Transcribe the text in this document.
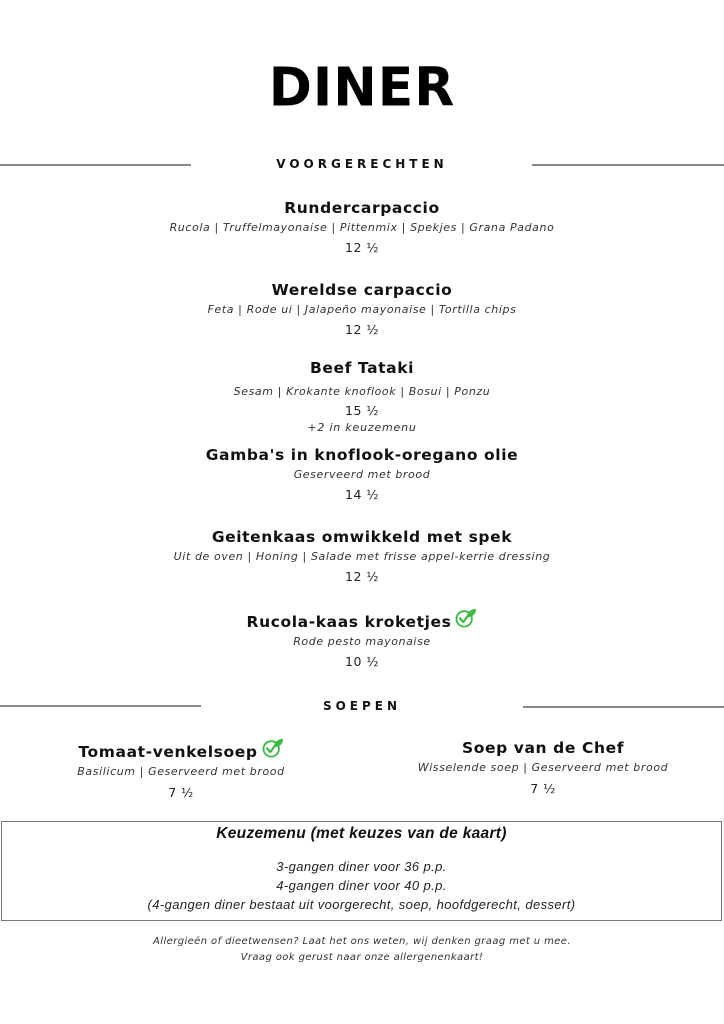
DINER
VOORGERECHTEN
Rundercarpaccio
Rucola | Truffelmayonaise | Pittenmix | Spekjes | Grana Padano
12 ½
Wereldse carpaccio
Feta | Rode ui | Jalapeño mayonaise | Tortilla chips
12 ½
Beef Tataki
Sesam | Krokante knoflook | Bosui | Ponzu
15 ½
+2 in keuzemenu
Gamba's in knoflook-oregano olie
Geserveerd met brood
14 ½
Geitenkaas omwikkeld met spek
Uit de oven | Honing | Salade met frisse appel-kerrie dressing
12 ½
Rucola-kaas kroketjes
Rode pesto mayonaise
10 ½
SOEPEN
Tomaat-venkelsoep
Basilicum | Geserveerd met brood
7 ½
Soep van de Chef
Wisselende soep | Geserveerd met brood
7 ½
Keuzemenu (met keuzes van de kaart)
3-gangen diner voor 36 p.p.
4-gangen diner voor 40 p.p.
(4-gangen diner bestaat uit voorgerecht, soep, hoofdgerecht, dessert)
Allergieën of dieetwensen? Laat het ons weten, wij denken graag met u mee.
Vraag ook gerust naar onze allergenenkaart!
